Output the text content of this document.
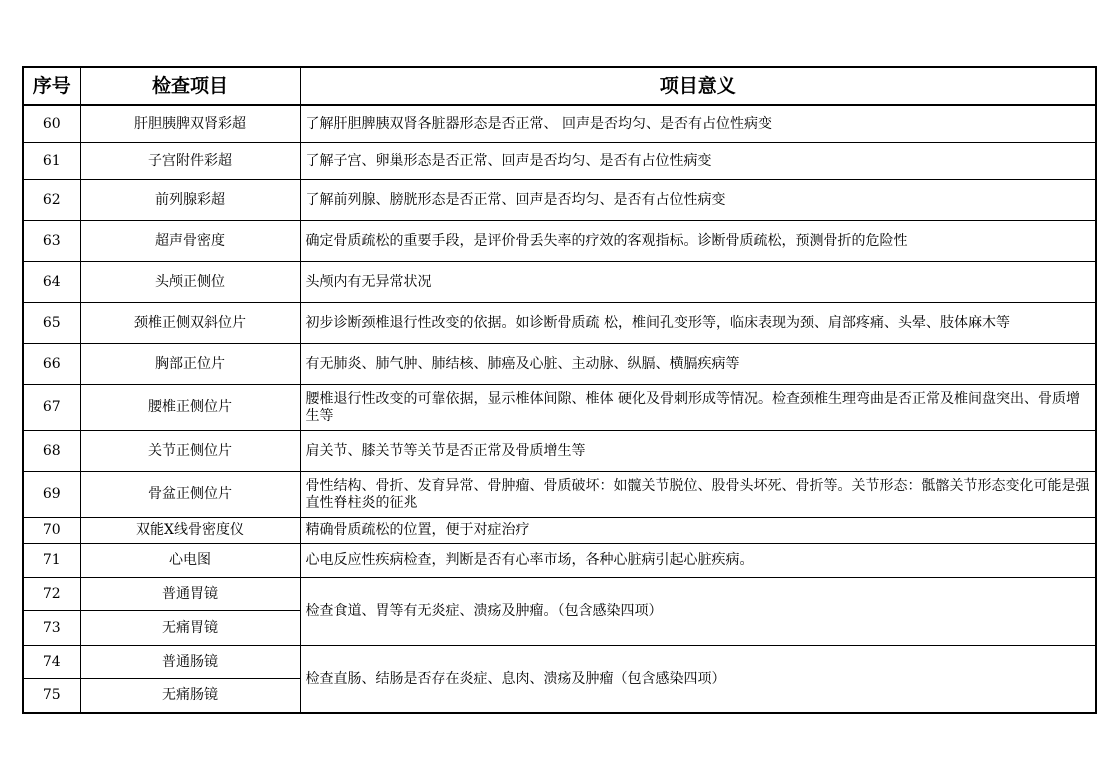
序号	检查项目	项目意义
60	肝胆胰脾双肾彩超	了解肝胆脾胰双肾各脏器形态是否正常、 回声是否均匀、是否有占位性病变
61	子宫附件彩超	了解子宫、卵巢形态是否正常、回声是否均匀、是否有占位性病变
62	前列腺彩超	了解前列腺、膀胱形态是否正常、回声是否均匀、是否有占位性病变
63	超声骨密度	确定骨质疏松的重要手段，是评价骨丢失率的疗效的客观指标。诊断骨质疏松，预测骨折的危险性
64	头颅正侧位	头颅内有无异常状况
65	颈椎正侧双斜位片	初步诊断颈椎退行性改变的依据。如诊断骨质疏 松，椎间孔变形等，临床表现为颈、肩部疼痛、头晕、肢体麻木等
66	胸部正位片	有无肺炎、肺气肿、肺结核、肺癌及心脏、主动脉、纵膈、横膈疾病等
67	腰椎正侧位片	腰椎退行性改变的可靠依据，显示椎体间隙、椎体 硬化及骨刺形成等情况。检查颈椎生理弯曲是否正常及椎间盘突出、骨质增生等
68	关节正侧位片	肩关节、膝关节等关节是否正常及骨质增生等
69	骨盆正侧位片	骨性结构、骨折、发育异常、骨肿瘤、骨质破坏：如髋关节脱位、股骨头坏死、骨折等。关节形态：骶髂关节形态变化可能是强直性脊柱炎的征兆
70	双能X线骨密度仪	精确骨质疏松的位置，便于对症治疗
71	心电图	心电反应性疾病检查，判断是否有心率市场，各种心脏病引起心脏疾病。
72	普通胃镜	检查食道、胃等有无炎症、溃疡及肿瘤。（包含感染四项）
73	无痛胃镜	
74	普通肠镜	检查直肠、结肠是否存在炎症、息肉、溃疡及肿瘤（包含感染四项）
75	无痛肠镜	
